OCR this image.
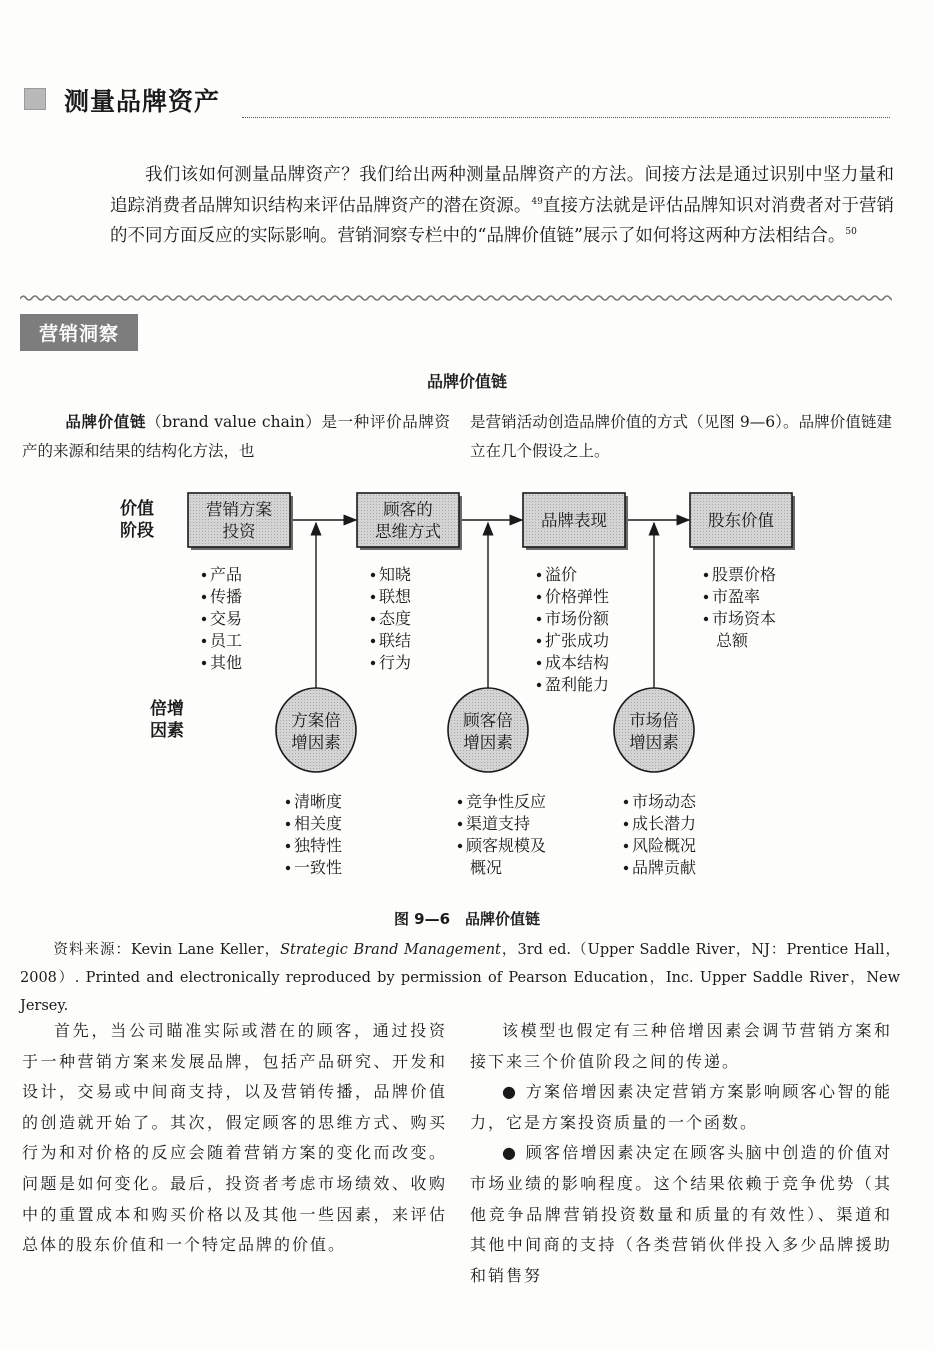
测量品牌资产

我们该如何测量品牌资产？我们给出两种测量品牌资产的方法。间接方法是通过识别中坚力量和追踪消费者品牌知识结构来评估品牌资产的潜在资源。$^{49}$直接方法就是评估品牌知识对消费者对于营销的不同方面反应的实际影响。营销洞察专栏中的“品牌价值链”展示了如何将这两种方法相结合。$^{50}$

营销洞察
品牌价值链

品牌价值链（brand value chain）是一种评价品牌资产的来源和结果的结构化方法，也

是营销活动创造品牌价值的方式（见图 9—6）。品牌价值链建立在几个假设之上。

价值
阶段
倍增
因素
营销方案
投资
产品
传播
交易
员工
其他
顾客的
思维方式
知晓
联想
态度
联结
行为
品牌表现
溢价
价格弹性
市场份额
扩张成功
成本结构
盈利能力
股东价值
股票价格
市盈率
市场资本
总额
方案倍
增因素
清晰度
相关度
独特性
一致性
顾客倍
增因素
竞争性反应
渠道支持
顾客规模及
概况
市场倍
增因素
市场动态
成长潜力
风险概况
品牌贡献
图 9—6　品牌价值链

资料来源：Kevin Lane Keller，Strategic Brand Management，3rd ed.（Upper Saddle River，NJ：Prentice Hall，2008）. Printed and electronically reproduced by permission of Pearson Education，Inc. Upper Saddle River，New Jersey.

首先，当公司瞄准实际或潜在的顾客，通过投资于一种营销方案来发展品牌，包括产品研究、开发和设计，交易或中间商支持，以及营销传播，品牌价值的创造就开始了。其次，假定顾客的思维方式、购买行为和对价格的反应会随着营销方案的变化而改变。问题是如何变化。最后，投资者考虑市场绩效、收购中的重置成本和购买价格以及其他一些因素，来评估总体的股东价值和一个特定品牌的价值。

该模型也假定有三种倍增因素会调节营销方案和接下来三个价值阶段之间的传递。

● 方案倍增因素决定营销方案影响顾客心智的能力，它是方案投资质量的一个函数。

● 顾客倍增因素决定在顾客头脑中创造的价值对市场业绩的影响程度。这个结果依赖于竞争优势（其他竞争品牌营销投资数量和质量的有效性）、渠道和其他中间商的支持（各类营销伙伴投入多少品牌援助和销售努
